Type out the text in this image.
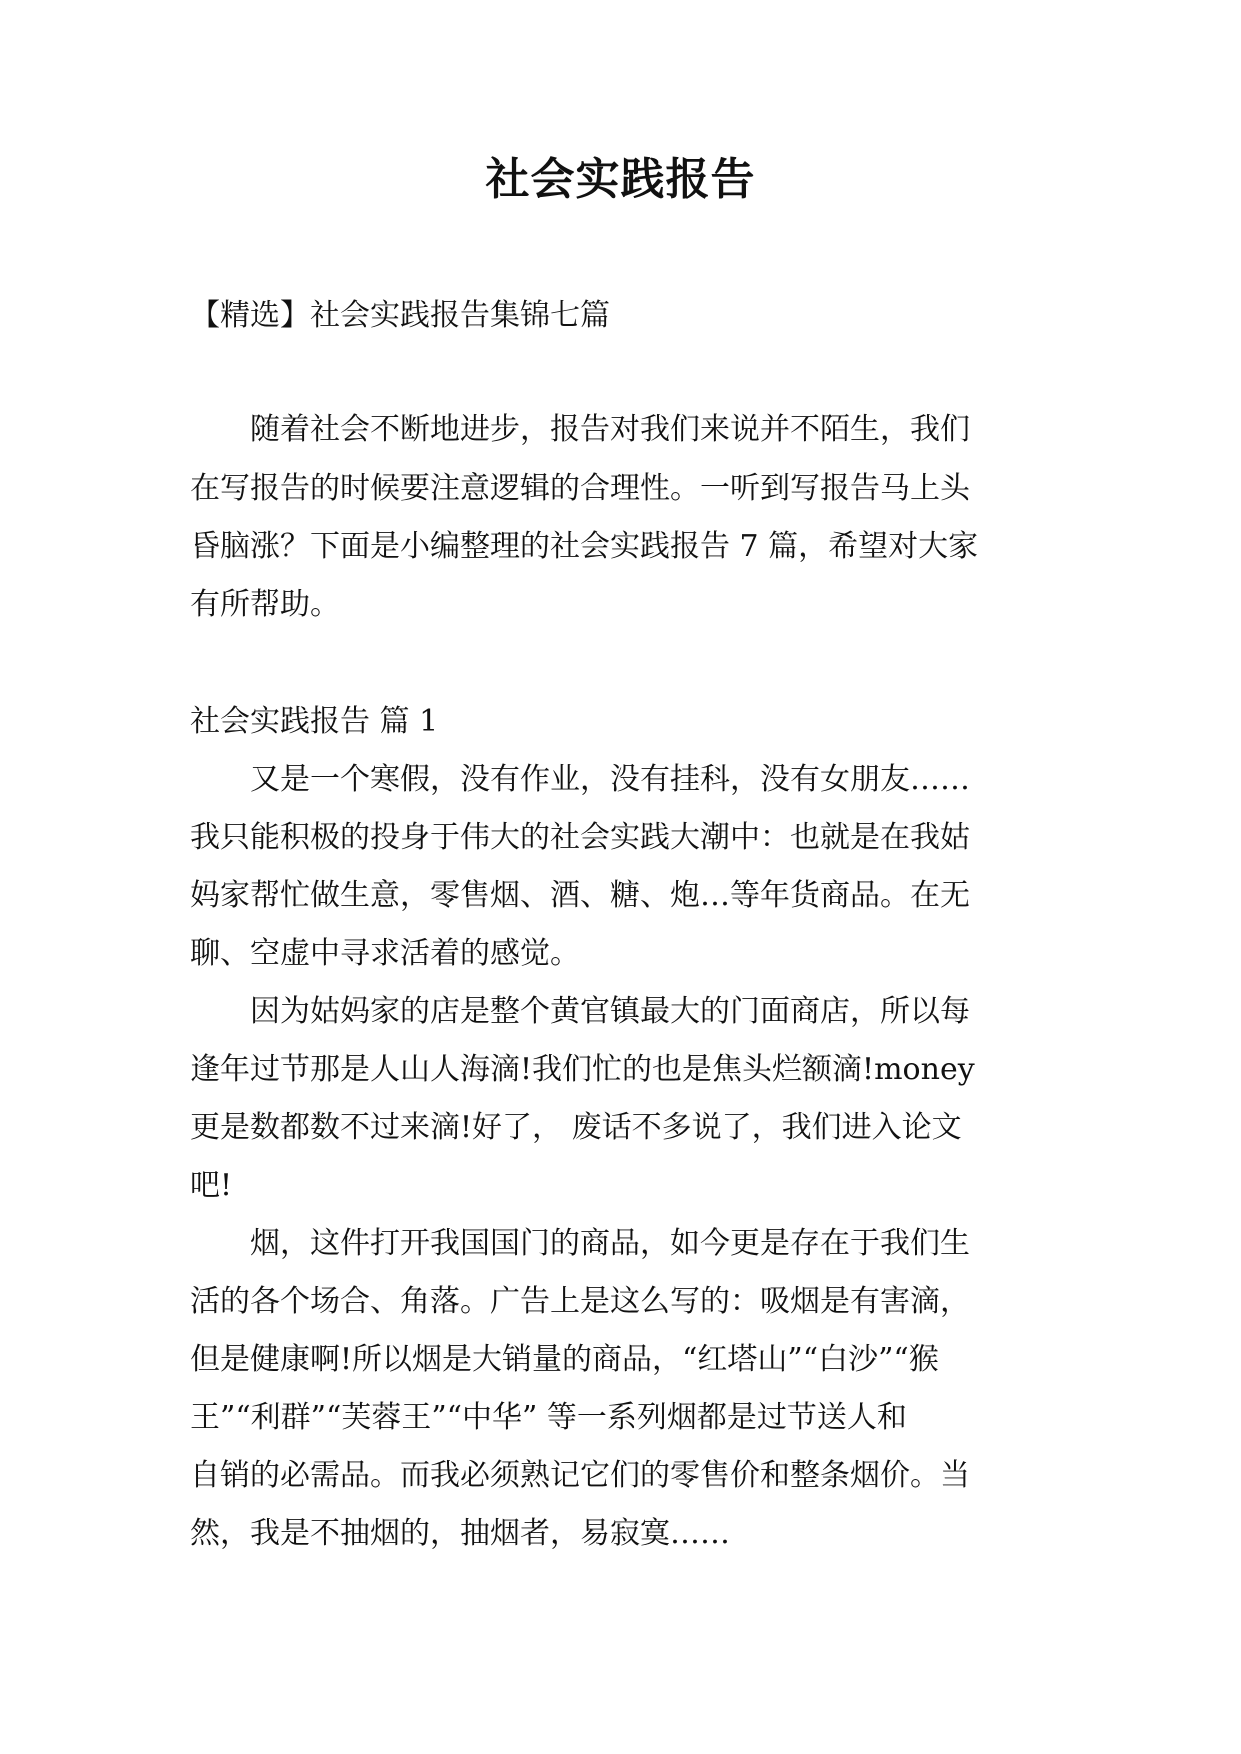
社会实践报告
【精选】社会实践报告集锦七篇
　　随着社会不断地进步，报告对我们来说并不陌生，我们
在写报告的时候要注意逻辑的合理性。一听到写报告马上头
昏脑涨？下面是小编整理的社会实践报告 7 篇，希望对大家
有所帮助。
社会实践报告 篇 1
　　又是一个寒假，没有作业，没有挂科，没有女朋友……
我只能积极的投身于伟大的社会实践大潮中：也就是在我姑
妈家帮忙做生意，零售烟、酒、糖、炮…等年货商品。在无
聊、空虚中寻求活着的感觉。
　　因为姑妈家的店是整个黄官镇最大的门面商店，所以每
逢年过节那是人山人海滴!我们忙的也是焦头烂额滴!money
更是数都数不过来滴!好了， 废话不多说了，我们进入论文
吧!
　　烟，这件打开我国国门的商品，如今更是存在于我们生
活的各个场合、角落。广告上是这么写的：吸烟是有害滴，
但是健康啊!所以烟是大销量的商品，“红塔山”“白沙”“猴
王”“利群”“芙蓉王”“中华” 等一系列烟都是过节送人和
自销的必需品。而我必须熟记它们的零售价和整条烟价。当
然，我是不抽烟的，抽烟者，易寂寞……
